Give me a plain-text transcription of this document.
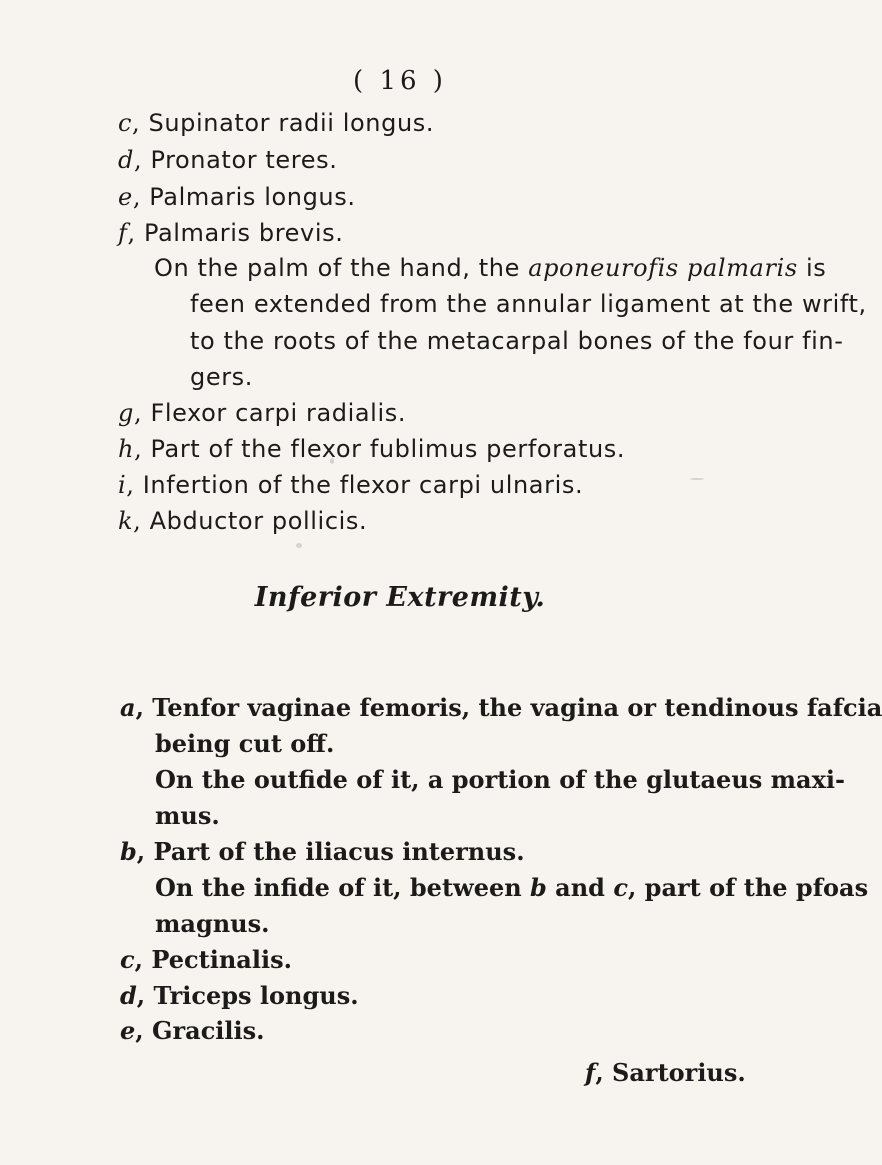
( 16 )
c, Supinator radii longus.
d, Pronator teres.
e, Palmaris longus.
f, Palmaris brevis.
On the palm of the hand, the aponeurofis palmaris is
feen extended from the annular ligament at the wrift,
to the roots of the metacarpal bones of the four fin-
gers.
g, Flexor carpi radialis.
h, Part of the flexor fublimus perforatus.
i, Infertion of the flexor carpi ulnaris.
k, Abductor pollicis.
Inferior Extremity.
a, Tenfor vaginae femoris, the vagina or tendinous fafcia
being cut off.
On the outfide of it, a portion of the glutaeus maxi-
mus.
b, Part of the iliacus internus.
On the infide of it, between b and c, part of the pfoas
magnus.
c, Pectinalis.
d, Triceps longus.
e, Gracilis.
f, Sartorius.
